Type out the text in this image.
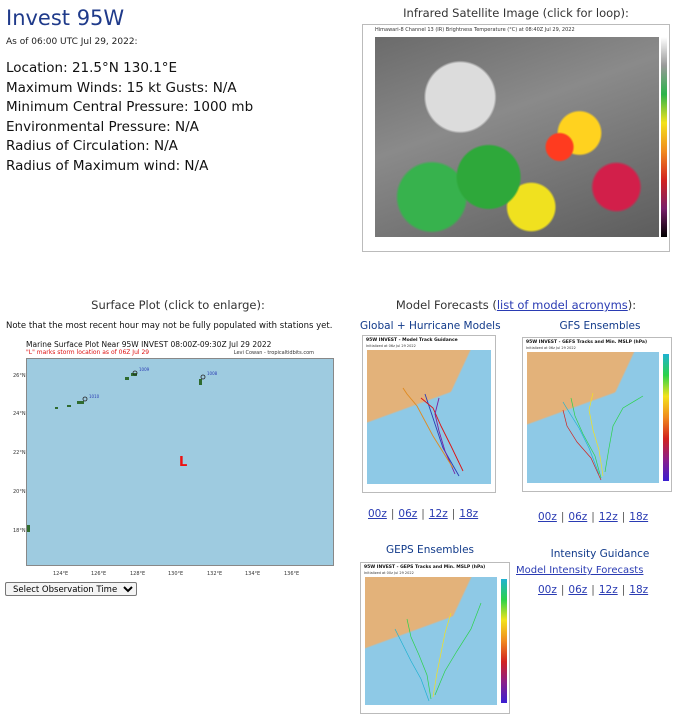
Invest 95W
As of 06:00 UTC Jul 29, 2022:
Location: 21.5°N 130.1°E
Maximum Winds: 15 kt Gusts: N/A
Minimum Central Pressure: 1000 mb
Environmental Pressure: N/A
Radius of Circulation: N/A
Radius of Maximum wind: N/A
Infrared Satellite Image (click for loop):
Himawari-8 Channel 13 (IR) Brightness Temperature (°C) at 08:40Z Jul 29, 2022
Surface Plot (click to enlarge):
Note that the most recent hour may not be fully populated with stations yet.
Marine Surface Plot Near 95W INVEST 08:00Z-09:30Z Jul 29 2022
"L" marks storm location as of 06Z Jul 29	Levi Cowan - tropicaltidbits.com
26°N
24°N
22°N
20°N
18°N
124°E	126°E	128°E	130°E	132°E	134°E	136°E
1009
1010
1008
L
Select Observation Time...
Model Forecasts (list of model acronyms):
Global + Hurricane Models
95W INVEST - Model Track Guidance
Initialized at 06z Jul 29 2022
00z | 06z | 12z | 18z
GFS Ensembles
95W INVEST - GEFS Tracks and Min. MSLP (hPa)
Initialized at 06z Jul 29 2022
00z | 06z | 12z | 18z
GEPS Ensembles
95W INVEST - GEPS Tracks and Min. MSLP (hPa)
Initialized at 00z Jul 29 2022
Intensity Guidance
Model Intensity Forecasts
00z | 06z | 12z | 18z
